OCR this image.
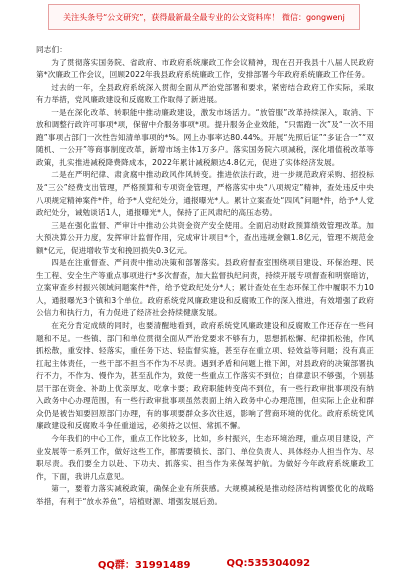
关注头条号“公文研究”，获得最新最全最专业的公文资料库！ 微信：gongwenj

同志们：

为了贯彻落实国务院、省政府、市政府系统廉政工作会议精神，现在召开我县十八届人民政府第*次廉政工作会议，回顾2022年我县政府系统廉政工作，安排部署今年政府系统廉政工作任务。

过去的一年，全县政府系统深入贯彻全面从严治党部署和要求，紧密结合政府工作实际，采取有力举措，党风廉政建设和反腐败工作取得了新进展。

一是在深化改革、转职能中推动廉政建设，激发市场活力。“放管服”改革持续深入，取消、下放和调整行政许可事项*项，保留中介服务事项*项。提升服务企业效能，“只需跑一次”及“一次不用跑”事项占部门一次性告知清单事项的*%。网上办事率达80.44%。开展“先照后证”“多证合一”“双随机、一公开”等商事制度改革，新增市场主体1万多户。落实国务院六项减税，深化增值税改革等政策，扎实推进减税降费降成本，2022年累计减税额达4.8亿元，促进了实体经济发展。

二是在严明纪律、肃贪腐中推动政风作风转变。推进依法行政，进一步规范政府采购、招投标及“三公”经费支出管理，严格预算和专项资金管理，严格落实中央“八项规定”精神，查处违反中央八项规定精神案件*件，给予*人党纪处分，通报曝光*人。累计立案查处“四风”问题*件，给予*人党政纪处分，诫勉谈话1人，通报曝光*人，保持了正风肃纪的高压态势。

三是在强化监督、严审计中推动公共资金资产安全使用。全面启动财政预算绩效管理改革。加大预决算公开力度，发挥审计监督作用，完成审计项目*个，查出违规金额1.8亿元，管理不规范金额*亿元，促进增收节支和挽回损失0.3亿元。

四是在注重督查、严问责中推动决策和部署落实。县政府督查室围绕项目建设、环保治理、民生工程、安全生产等重点事项进行*多次督查，加大监督执纪问责，持续开展专项督查和明察暗访，立案审查乡村振兴领域问题案件*件，给予党政纪处分*人；累计查处在生态环保工作中履职不力10人，通报曝光3个镇和3个单位。政府系统党风廉政建设和反腐败工作的深入推进，有效增强了政府公信力和执行力，有力促进了经济社会持续健康发展。

在充分肯定成绩的同时，也要清醒地看到，政府系统党风廉政建设和反腐败工作还存在一些问题和不足。一些镇、部门和单位贯彻全面从严治党要求不够有力，思想抓松懈、纪律抓松弛，作风抓松散，重安排、轻落实，重任务下达、轻监督实施，甚至存在重立项、轻效益等问题；没有真正扛起主体责任，一些干部不担当不作为不尽责。遇到矛盾和问题上推下卸，对县政府的决策部署执行不力，不作为、慢作为，甚至乱作为，致使一些重点工作落实不到位；自律意识不够强，个别基层干部在资金、补助上优亲厚友、吃拿卡要；政府职能转变尚不到位，有一些行政审批事项没有纳入政务中心办理范围，有一些行政审批事项虽然表面上纳入政务中心办理范围，但实际上企业和群众仍是被告知要回原部门办理，有的事项要群众多次往返，影响了营商环境的优化。政府系统党风廉政建设和反腐败斗争任重道远，必须持之以恒、常抓不懈。

今年我们的中心工作，重点工作比较多，比如，乡村振兴，生态环境治理，重点项目建设，产业发展等一系列工作，做好这些工作，都需要镇长、部门、单位负责人、具体经办人担当作为、尽职尽责。我们要全力以赴、下功夫、抓落实、担当作为来保驾护航。为做好今年政府系统廉政工作，下面，我讲几点意见。

第一，要着力落实减税政策，确保企业有所获感。大规模减税是推动经济结构调整优化的战略举措，有利于“放水养鱼”，培植财源、增强发展后劲。

QQ群：31991489	QQ:535304092
